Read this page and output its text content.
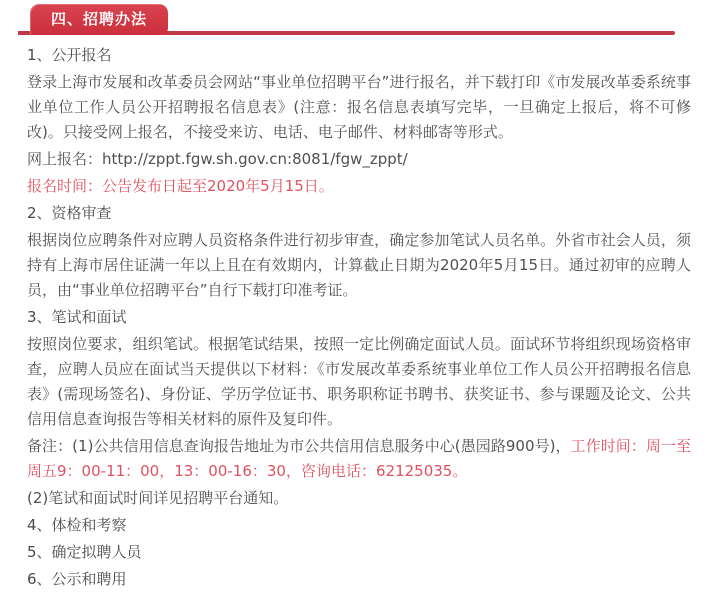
四、招聘办法
1、公开报名

登录上海市发展和改革委员会网站“事业单位招聘平台”进行报名，并下载打印《市发展改革委系统事业单位工作人员公开招聘报名信息表》(注意：报名信息表填写完毕，一旦确定上报后，将不可修改)。只接受网上报名，不接受来访、电话、电子邮件、材料邮寄等形式。

网上报名：http://zppt.fgw.sh.gov.cn:8081/fgw_zppt/

报名时间：公告发布日起至2020年5月15日。

2、资格审查

根据岗位应聘条件对应聘人员资格条件进行初步审查，确定参加笔试人员名单。外省市社会人员，须持有上海市居住证满一年以上且在有效期内，计算截止日期为2020年5月15日。通过初审的应聘人员，由“事业单位招聘平台”自行下载打印准考证。

3、笔试和面试

按照岗位要求，组织笔试。根据笔试结果，按照一定比例确定面试人员。面试环节将组织现场资格审查，应聘人员应在面试当天提供以下材料：《市发展改革委系统事业单位工作人员公开招聘报名信息表》(需现场签名)、身份证、学历学位证书、职务职称证书聘书、获奖证书、参与课题及论文、公共信用信息查询报告等相关材料的原件及复印件。

备注：(1)公共信用信息查询报告地址为市公共信用信息服务中心(愚园路900号)，工作时间：周一至周五9：00-11：00，13：00-16：30，咨询电话：62125035。

(2)笔试和面试时间详见招聘平台通知。

4、体检和考察
5、确定拟聘人员
6、公示和聘用
